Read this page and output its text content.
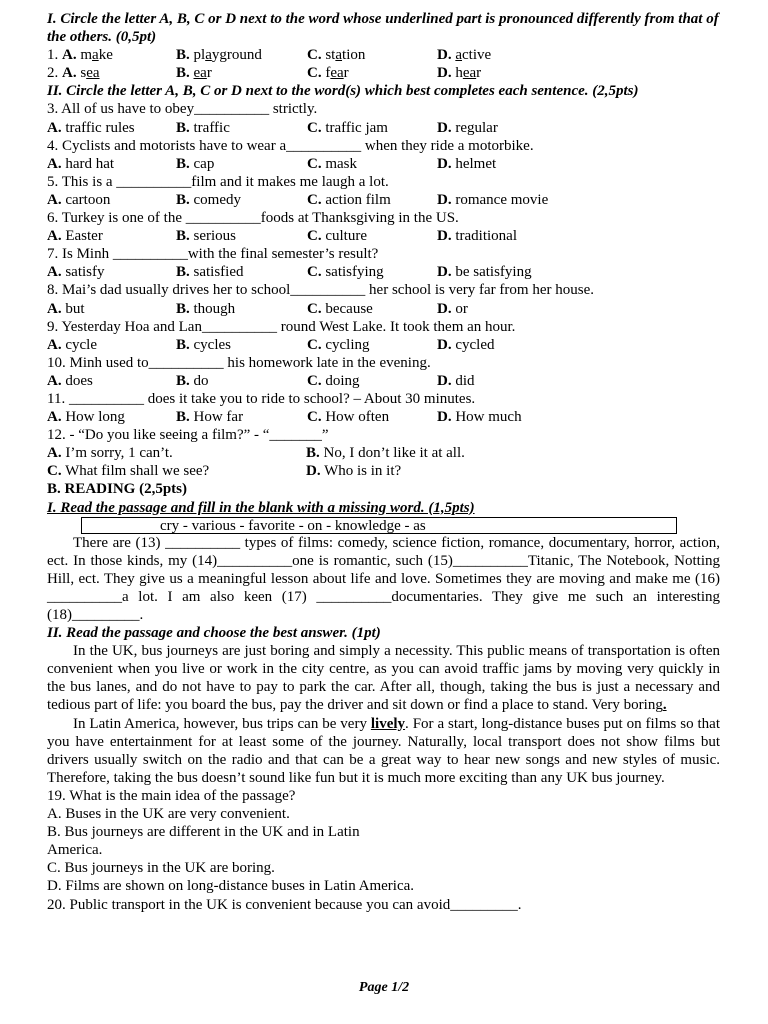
I. Circle the letter A, B, C or D next to the word whose underlined part is pronounced differently from that of the others. (0,5pt)
1. A. make	B. playground	C. station	D. active
2. A. sea	B. ear	C. fear	D. hear
II. Circle the letter A, B, C or D next to the word(s) which best completes each sentence. (2,5pts)
3. All of us have to obey__________ strictly.
A. traffic rules	B. traffic	C. traffic jam	D. regular
4. Cyclists and motorists have to wear a__________ when they ride a motorbike.
A. hard hat	B. cap	C. mask	D. helmet
5. This is a __________film and it makes me laugh a lot.
A. cartoon	B. comedy	C. action film	D. romance movie
6. Turkey is one of the __________foods at Thanksgiving in the US.
A. Easter	B. serious	C. culture	D. traditional
7. Is Minh __________with the final semester’s result?
A. satisfy	B. satisfied	C. satisfying	D. be satisfying
8. Mai’s dad usually drives her to school__________ her school is very far from her house.
A. but	B. though	C. because	D. or
9. Yesterday Hoa and Lan__________ round West Lake. It took them an hour.
A. cycle	B. cycles	C. cycling	D. cycled
10. Minh used to__________ his homework late in the evening.
A. does	B. do	C. doing	D. did
11. __________ does it take you to ride to school? – About 30 minutes.
A. How long	B. How far	C. How often	D. How much
12. - “Do you like seeing a film?” - “_______”
A. I’m sorry, 1 can’t.	B. No, I don’t like it at all.
C. What film shall we see?	D. Who is in it?
B. READING (2,5pts)
I. Read the passage and fill in the blank with a missing word. (1,5pts)
cry - various - favorite - on - knowledge - as
There are (13) __________ types of films: comedy, science fiction, romance, documentary, horror, action, ect. In those kinds, my (14)__________one is romantic, such (15)__________Titanic, The Notebook, Notting Hill, ect. They give us a meaningful lesson about life and love. Sometimes they are moving and make me (16) __________a lot. I am also keen (17) __________documentaries. They give me such an interesting (18)_________.
II. Read the passage and choose the best answer. (1pt)
In the UK, bus journeys are just boring and simply a necessity. This public means of transportation is often convenient when you live or work in the city centre, as you can avoid traffic jams by moving very quickly in the bus lanes, and do not have to pay to park the car. After all, though, taking the bus is just a necessary and tedious part of life: you board the bus, pay the driver and sit down or find a place to stand. Very boring.
In Latin America, however, bus trips can be very lively. For a start, long-distance buses put on films so that you have entertainment for at least some of the journey. Naturally, local transport does not show films but drivers usually switch on the radio and that can be a great way to hear new songs and new styles of music. Therefore, taking the bus doesn’t sound like fun but it is much more exciting than any UK bus journey.
19. What is the main idea of the passage?
A. Buses in the UK are very convenient.
B. Bus journeys are different in the UK and in Latin
America.
C. Bus journeys in the UK are boring.
D. Films are shown on long-distance buses in Latin America.
20. Public transport in the UK is convenient because you can avoid_________.
Page 1/2
